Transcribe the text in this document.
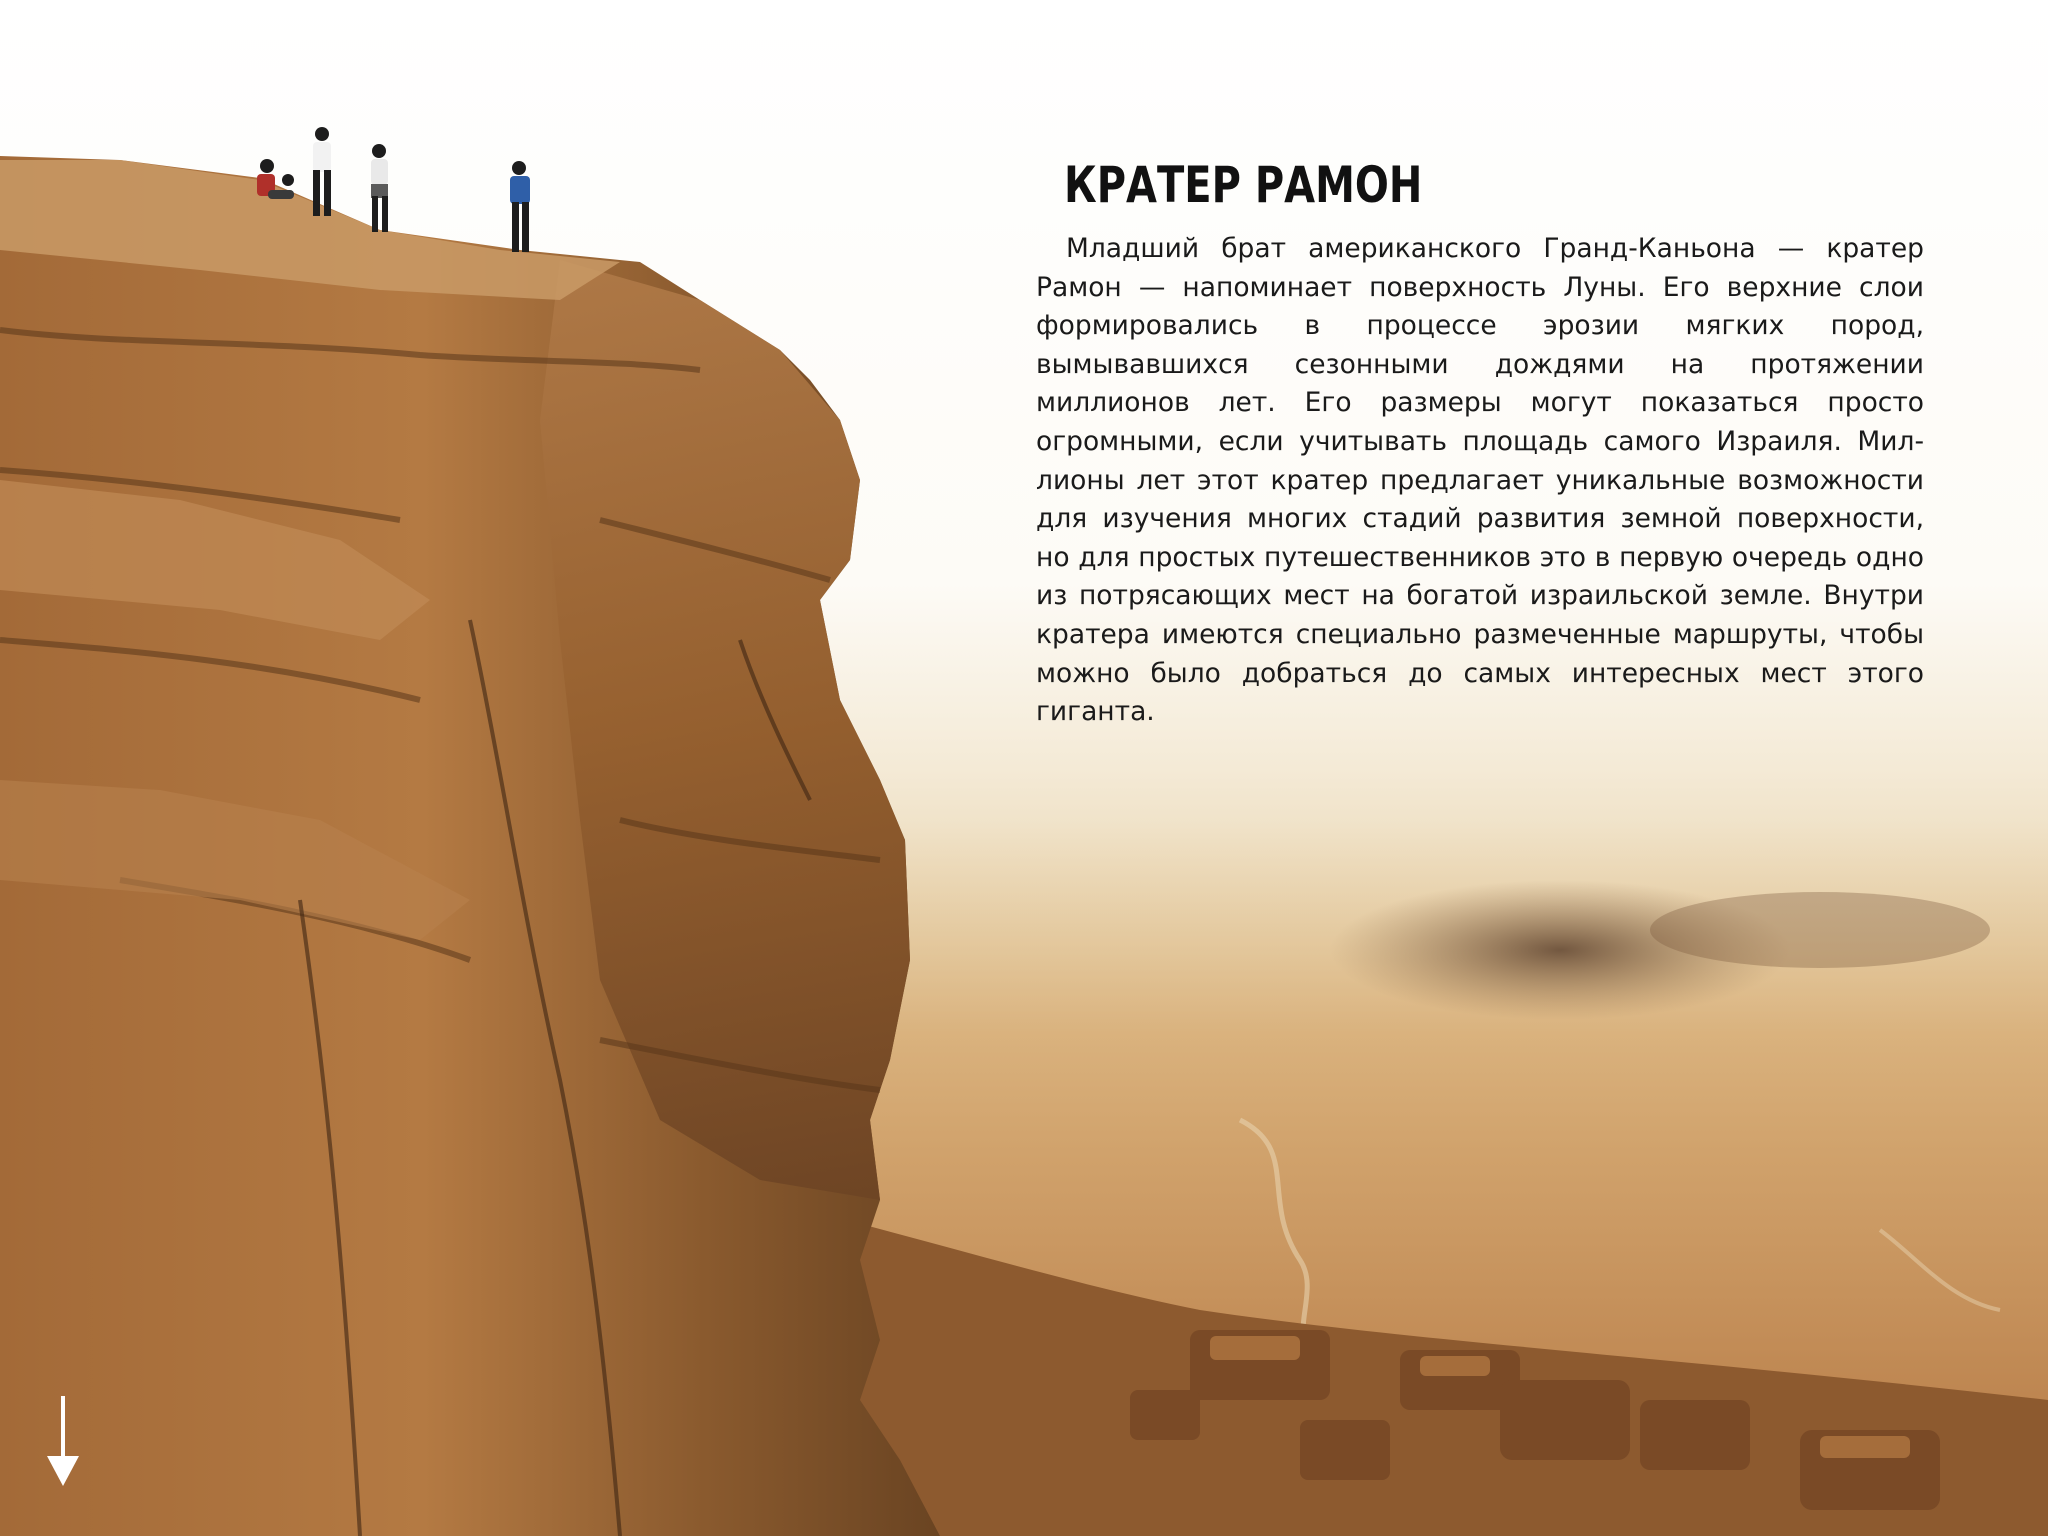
КРАТЕР РАМОН

Младший брат американского Гранд-Каньона — кратер Рамон — напоминает поверхность Луны. Его верхние слои формировались в процессе эрозии мягких пород, вымывавшихся сезонными дождями на протяжении миллионов лет. Его размеры могут показаться просто огромными, если учитывать площадь самого Израиля. Миллионы лет этот кратер предлагает уникальные возможности для изучения многих стадий развития земной поверхности, но для простых путешественников это в первую очередь одно из потрясающих мест на богатой израильской земле. Внутри кратера имеются специально размеченные маршруты, чтобы можно было добраться до самых интересных мест этого гиганта.
